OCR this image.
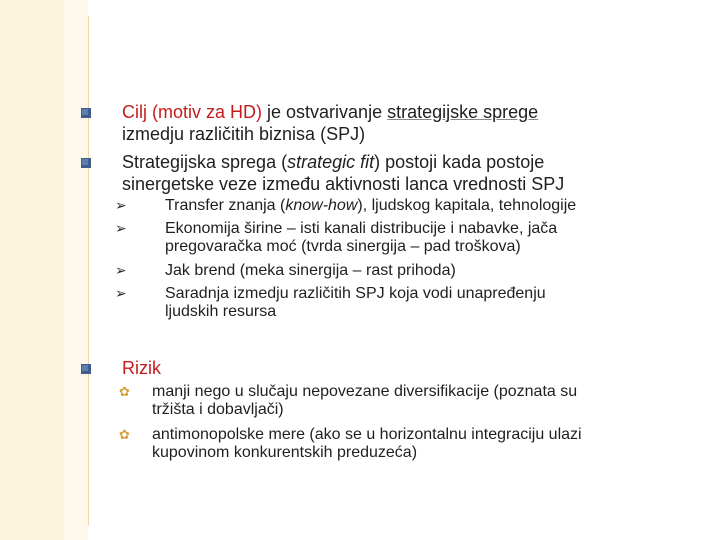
Cilj (motiv za HD) je ostvarivanje strategijske sprege
izmedju različitih biznisa (SPJ)
Strategijska sprega (strategic fit) postoji kada postoje
sinergetske veze između aktivnosti lanca vrednosti SPJ
➢ Transfer znanja (know-how), ljudskog kapitala, tehnologije
➢ Ekonomija širine – isti kanali distribucije i nabavke, jača
pregovaračka moć (tvrda sinergija – pad troškova)
➢ Jak brend (meka sinergija – rast prihoda)
➢ Saradnja izmedju različitih SPJ koja vodi unapređenju
ljudskih resursa
Rizik
✿	manji nego u slučaju nepovezane diversifikacije (poznata su
tržišta i dobavljači)
✿	antimonopolske mere (ako se u horizontalnu integraciju ulazi
kupovinom konkurentskih preduzeća)
